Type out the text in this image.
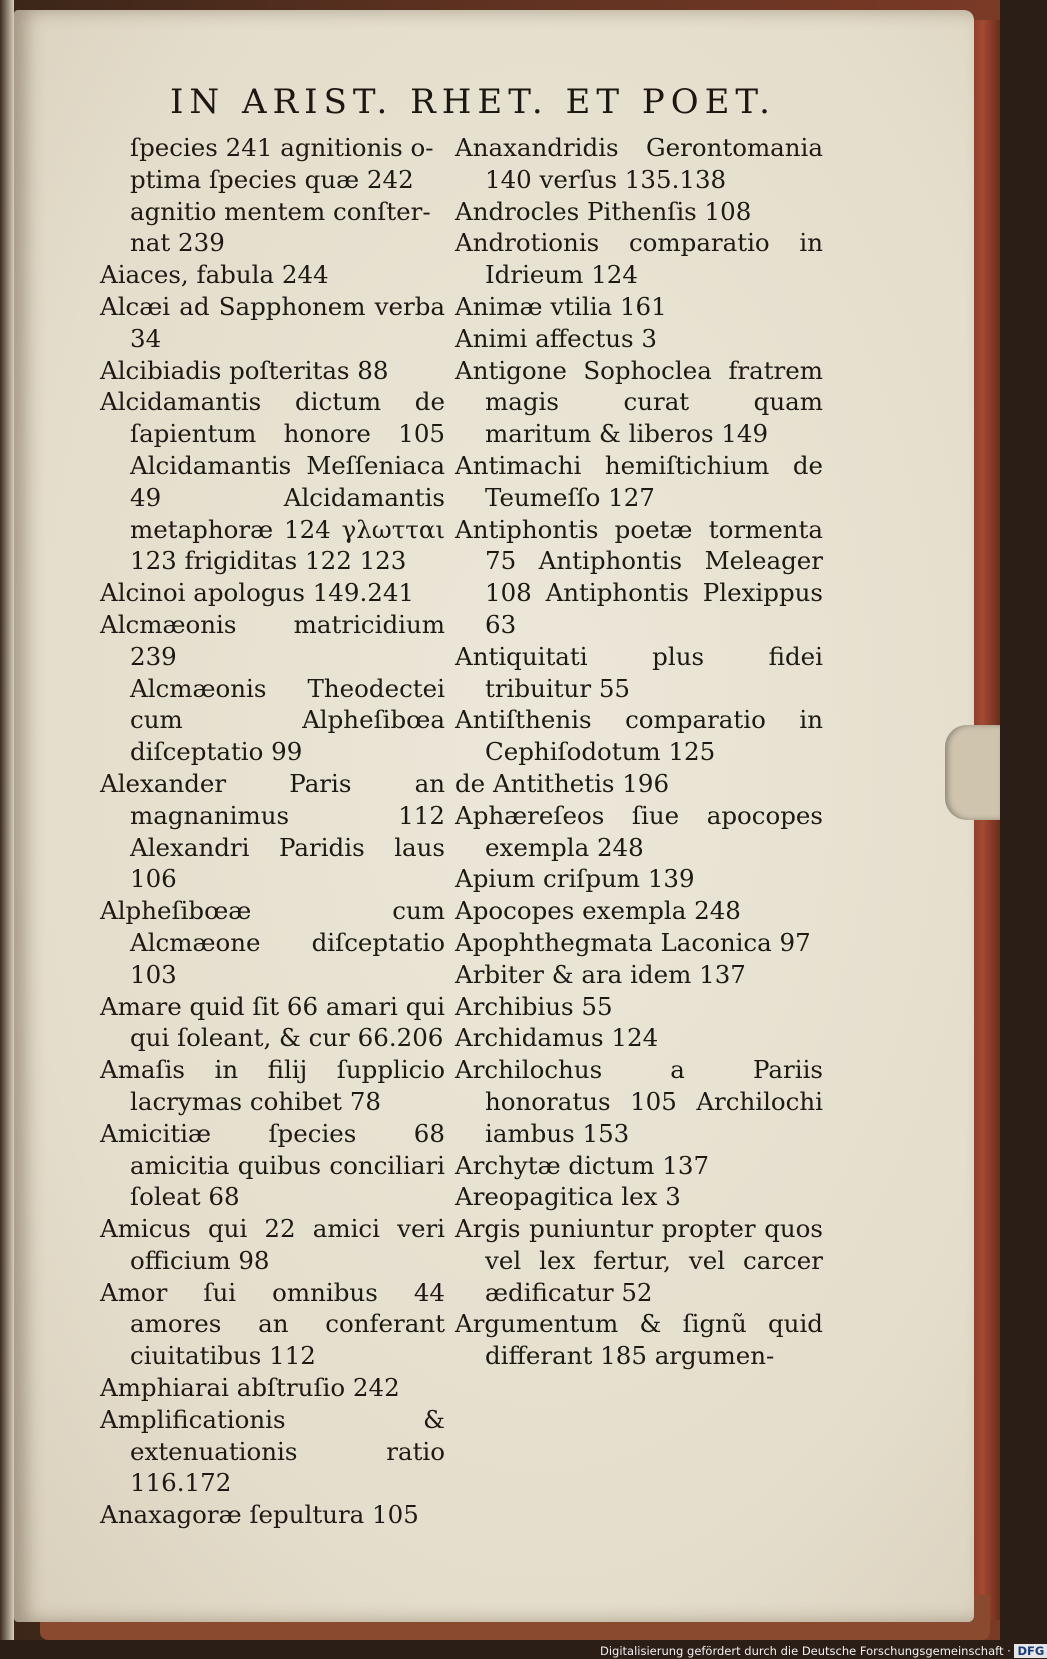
IN ARIST. RHET. ET POET.

ſpecies 241 agnitionis o-

ptima ſpecies quæ 242

agnitio mentem conſter-

nat 239

Aiaces, fabula 244

Alcæi ad Sapphonem verba 34

Alcibiadis poſteritas 88

Alcidamantis dictum de ſapientum honore 105 Alcidamantis Meſſeniaca 49 Alcidamantis metaphoræ 124 γλωτται 123 frigiditas 122 123

Alcinoi apologus 149.241

Alcmæonis matricidium 239

Alcmæonis Theodectei cum Alpheſibœa diſceptatio 99

Alexander Paris an magnanimus 112 Alexandri Paridis laus 106

Alpheſibœæ cum Alcmæone diſceptatio 103

Amare quid ſit 66 amari qui qui ſoleant, & cur 66.206

Amaſis in filij ſupplicio lacrymas cohibet 78

Amicitiæ ſpecies 68 amicitia quibus conciliari ſoleat 68

Amicus qui 22 amici veri officium 98

Amor ſui omnibus 44 amores an conferant ciuitatibus 112

Amphiarai abſtruſio 242

Amplificationis & extenuationis ratio 116.172

Anaxagoræ ſepultura 105

Anaxandridis Gerontomania 140 verſus 135.138

Androcles Pithenſis 108

Androtionis comparatio in Idrieum 124

Animæ vtilia 161

Animi affectus 3

Antigone Sophoclea fratrem magis curat quam maritum & liberos 149

Antimachi hemiſtichium de Teumeſſo 127

Antiphontis poetæ tormenta 75 Antiphontis Meleager 108 Antiphontis Plexippus 63

Antiquitati plus fidei tribuitur 55

Antiſthenis comparatio in Cephiſodotum 125

de Antithetis 196

Aphæreſeos ſiue apocopes exempla 248

Apium criſpum 139

Apocopes exempla 248

Apophthegmata Laconica 97

Arbiter & ara idem 137

Archibius 55

Archidamus 124

Archilochus a Pariis honoratus 105 Archilochi iambus 153

Archytæ dictum 137

Areopagitica lex 3

Argis puniuntur propter quos vel lex fertur, vel carcer ædificatur 52

Argumentum & ſignũ quid differant 185 argumen-

Digitalisierung gefördert durch die Deutsche Forschungsgemeinschaft · DFG
